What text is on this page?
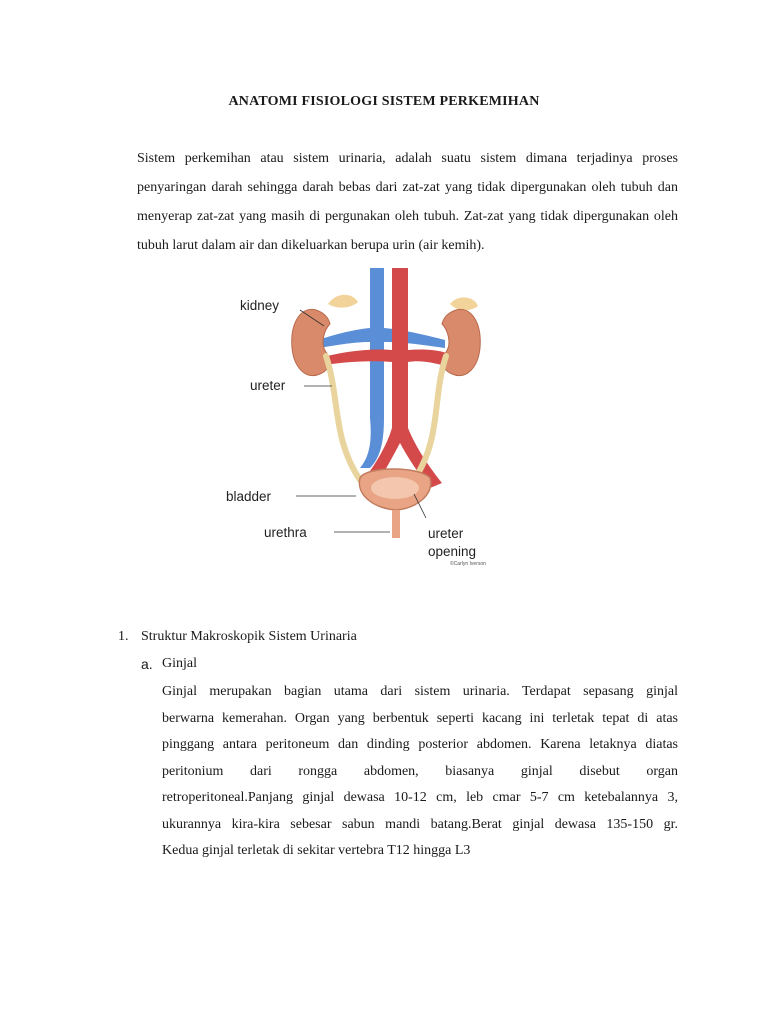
ANATOMI FISIOLOGI SISTEM PERKEMIHAN

Sistem perkemihan atau sistem urinaria, adalah suatu sistem dimana terjadinya proses penyaringan darah sehingga darah bebas dari zat-zat yang tidak dipergunakan oleh tubuh dan menyerap zat-zat yang masih di pergunakan oleh tubuh. Zat-zat yang tidak dipergunakan oleh tubuh larut dalam air dan dikeluarkan berupa urin (air kemih).

kidney
ureter
bladder
urethra	ureter
opening
©Carlyn Iverson
1. Struktur Makroskopik Sistem Urinaria
a. Ginjal
Ginjal merupakan bagian utama dari sistem urinaria. Terdapat sepasang ginjal
berwarna kemerahan. Organ yang berbentuk seperti kacang ini terletak tepat di atas
pinggang antara peritoneum dan dinding posterior abdomen. Karena letaknya diatas
peritonium dari rongga abdomen, biasanya ginjal disebut organ
retroperitoneal.Panjang ginjal dewasa 10-12 cm, leb cmar 5-7 cm ketebalannya 3,
ukurannya kira-kira sebesar sabun mandi batang.Berat ginjal dewasa 135-150 gr.
Kedua ginjal terletak di sekitar vertebra T12 hingga L3
